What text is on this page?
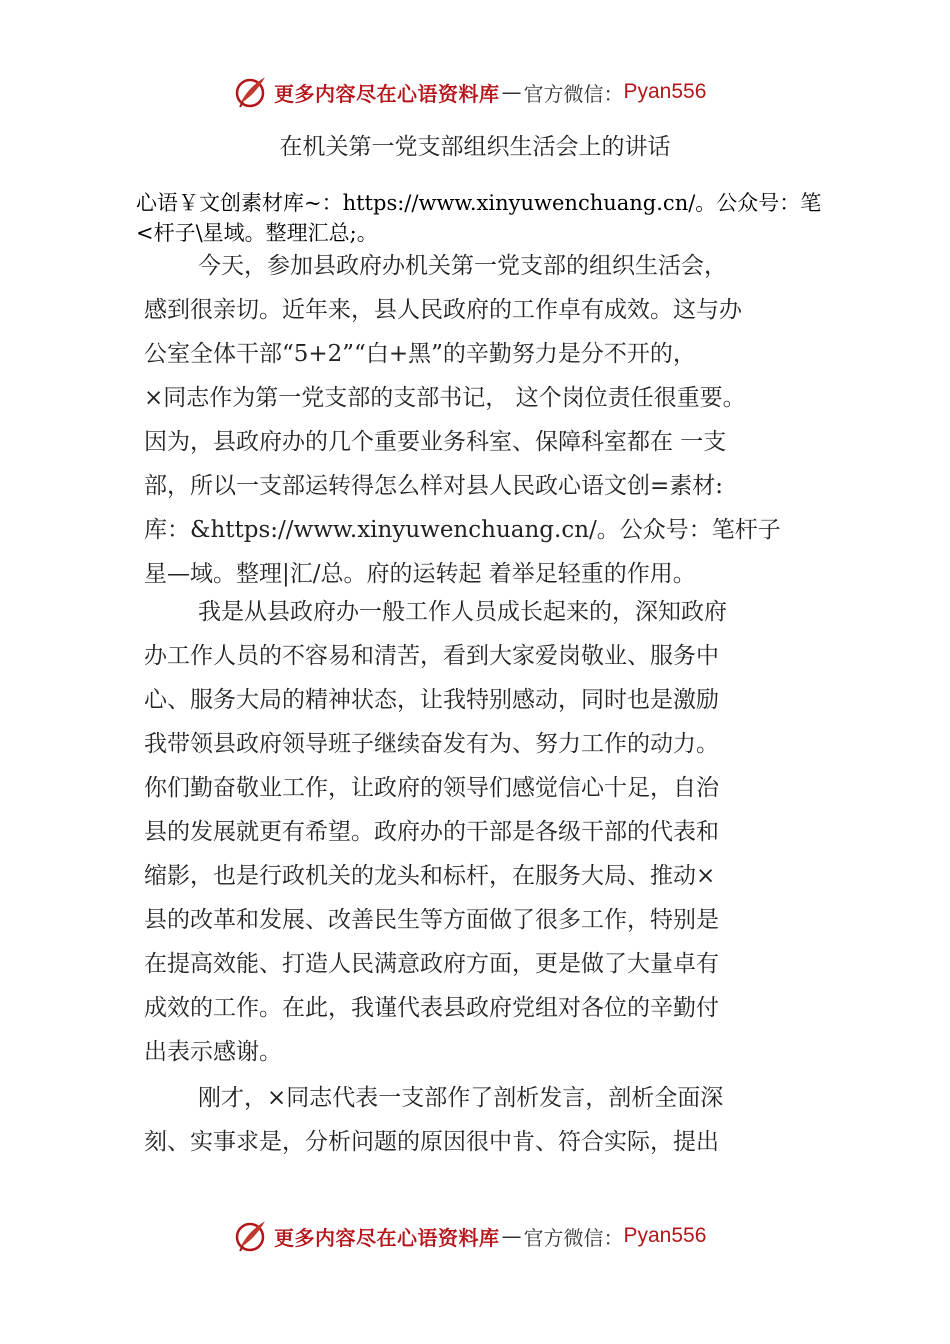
更多内容尽在心语资料库 — 官方微信： Pyan556
在机关第一党支部组织生活会上的讲话
心语￥文创素材库~：https://www.xinyuwenchuang.cn/。公众号：笔<杆子\星域。整理汇总;。
今天，参加县政府办机关第一党支部的组织生活会，
感到很亲切。近年来，县人民政府的工作卓有成效。这与办
公室全体干部“5+2”“白+黑”的辛勤努力是分不开的，
×同志作为第一党支部的支部书记， 这个岗位责任很重要。
因为，县政府办的几个重要业务科室、保障科室都在 一支
部，所以一支部运转得怎么样对县人民政心语文创=素材:
库：&https://www.xinyuwenchuang.cn/。公众号：笔杆子
星—域。整理|汇/总。府的运转起 着举足轻重的作用。
我是从县政府办一般工作人员成长起来的，深知政府
办工作人员的不容易和清苦，看到大家爱岗敬业、服务中
心、服务大局的精神状态，让我特别感动，同时也是激励
我带领县政府领导班子继续奋发有为、努力工作的动力。
你们勤奋敬业工作，让政府的领导们感觉信心十足，自治
县的发展就更有希望。政府办的干部是各级干部的代表和
缩影，也是行政机关的龙头和标杆，在服务大局、推动×
县的改革和发展、改善民生等方面做了很多工作，特别是
在提高效能、打造人民满意政府方面，更是做了大量卓有
成效的工作。在此，我谨代表县政府党组对各位的辛勤付
出表示感谢。
刚才，×同志代表一支部作了剖析发言，剖析全面深
刻、实事求是，分析问题的原因很中肯、符合实际，提出
更多内容尽在心语资料库 — 官方微信： Pyan556
